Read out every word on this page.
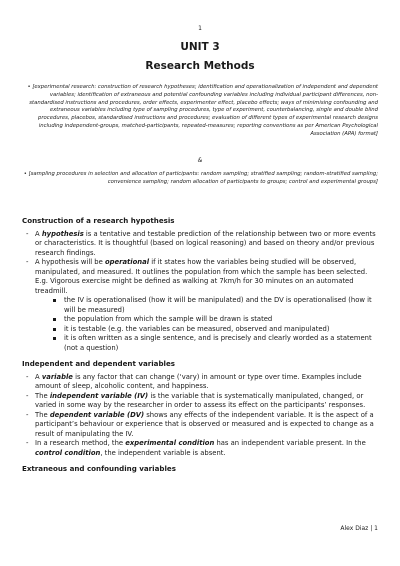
1
UNIT 3
Research Methods
• [experimental research: construction of research hypotheses; identification and operationalization of independent and dependent variables; identification of extraneous and potential confounding variables including individual participant differences, non-standardised instructions and procedures, order effects, experimenter effect, placebo effects; ways of minimising confounding and extraneous variables including type of sampling procedures, type of experiment, counterbalancing, single and double blind procedures, placebos, standardised instructions and procedures; evaluation of different types of experimental research designs including independent-groups, matched-participants, repeated-measures; reporting conventions as per American Psychological Association (APA) format]
&
• [sampling procedures in selection and allocation of participants: random sampling; stratified sampling; random-stratified sampling; convenience sampling; random allocation of participants to groups; control and experimental groups]
Construction of a research hypothesis
- A hypothesis is a tentative and testable prediction of the relationship between two or more events or characteristics. It is thoughtful (based on logical reasoning) and based on theory and/or previous research findings.
- A hypothesis will be operational if it states how the variables being studied will be observed, manipulated, and measured. It outlines the population from which the sample has been selected. E.g. Vigorous exercise might be defined as walking at 7km/h for 30 minutes on an automated treadmill.
the IV is operationalised (how it will be manipulated) and the DV is operationalised (how it will be measured)
the population from which the sample will be drawn is stated
it is testable (e.g. the variables can be measured, observed and manipulated)
it is often written as a single sentence, and is precisely and clearly worded as a statement (not a question)
Independent and dependent variables
- A variable is any factor that can change (‘vary) in amount or type over time. Examples include amount of sleep, alcoholic content, and happiness.
- The independent variable (IV) is the variable that is systematically manipulated, changed, or varied in some way by the researcher in order to assess its effect on the participants’ responses.
- The dependent variable (DV) shows any effects of the independent variable. It is the aspect of a participant’s behaviour or experience that is observed or measured and is expected to change as a result of manipulating the IV.
- In a research method, the experimental condition has an independent variable present. In the control condition, the independent variable is absent.
Extraneous and confounding variables
Alex Diaz | 1
